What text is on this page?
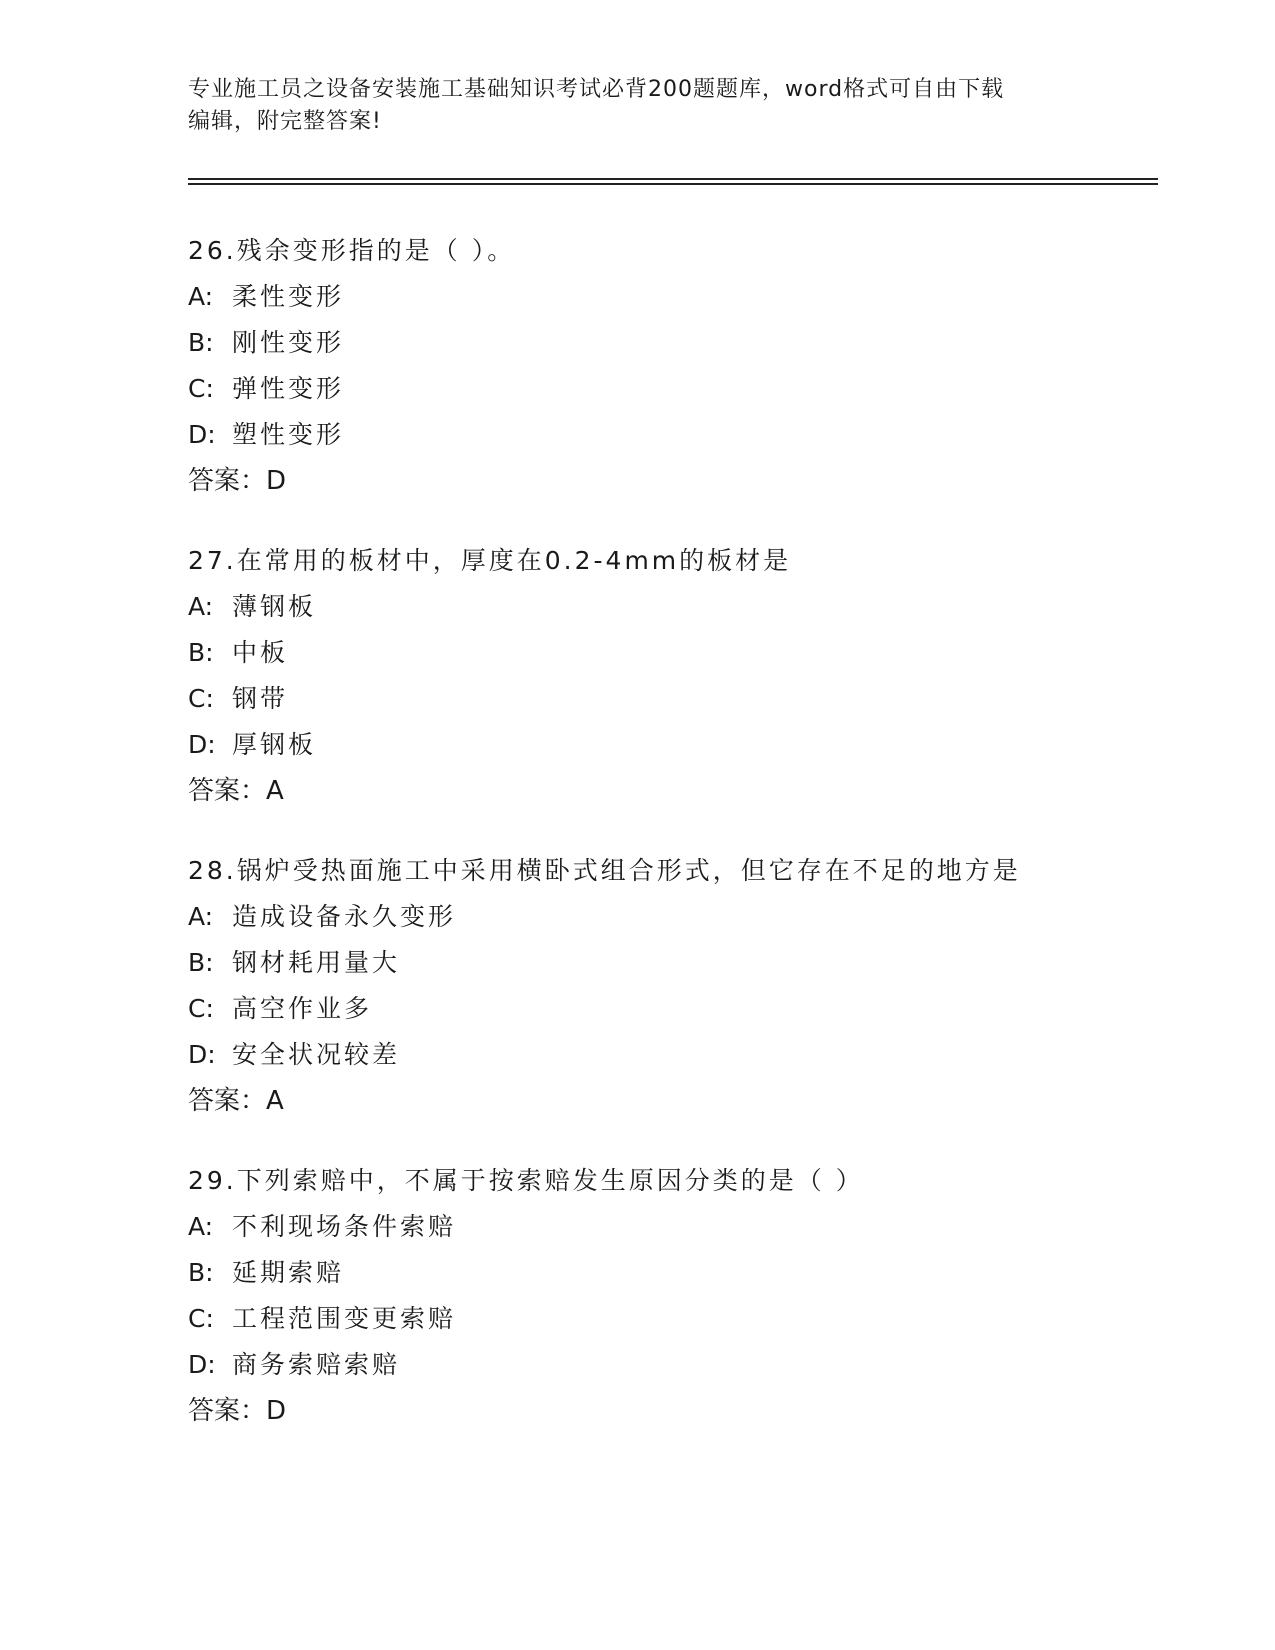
专业施工员之设备安装施工基础知识考试必背200题题库，word格式可自由下载
编辑，附完整答案!
26.残余变形指的是（ ）。
A: 柔性变形
B: 刚性变形
C: 弹性变形
D: 塑性变形
答案：D
27.在常用的板材中，厚度在0.2-4mm的板材是
A: 薄钢板
B: 中板
C: 钢带
D: 厚钢板
答案：A
28.锅炉受热面施工中采用横卧式组合形式，但它存在不足的地方是
A: 造成设备永久变形
B: 钢材耗用量大
C: 高空作业多
D: 安全状况较差
答案：A
29.下列索赔中，不属于按索赔发生原因分类的是（ ）
A: 不利现场条件索赔
B: 延期索赔
C: 工程范围变更索赔
D: 商务索赔索赔
答案：D
